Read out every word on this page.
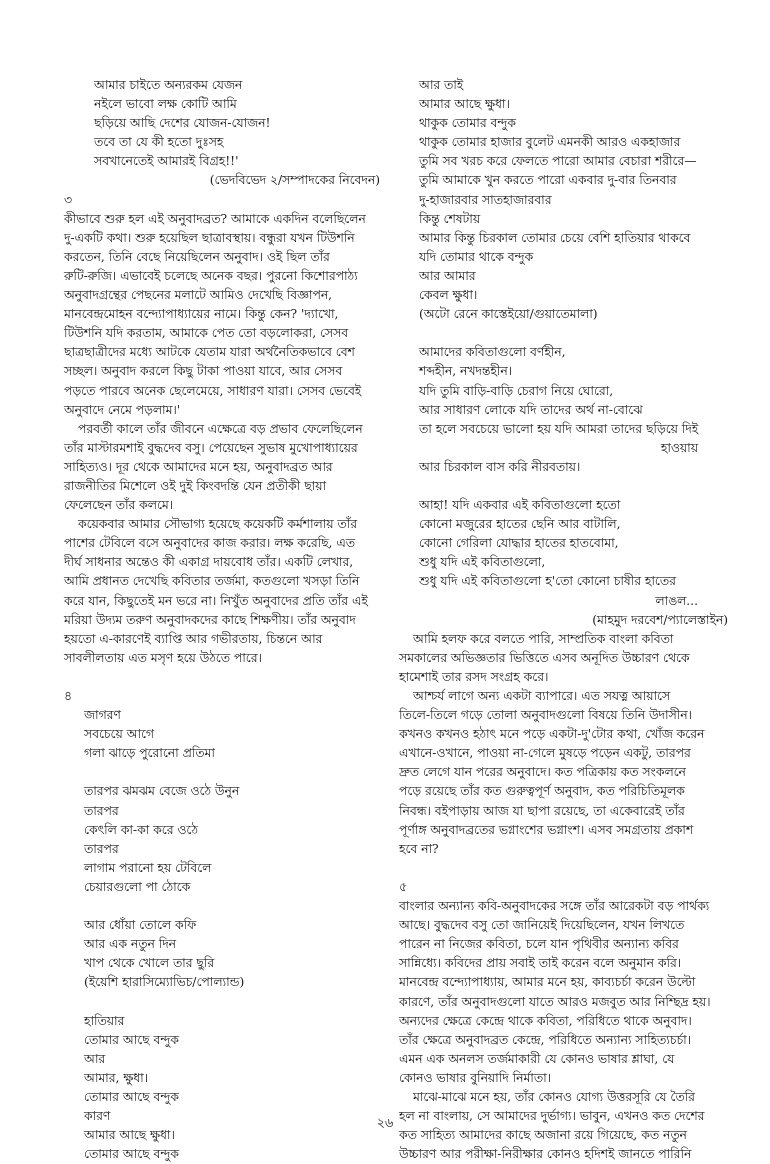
আমার চাইতে অন্যরকম যেজন
নইলে ভাবো লক্ষ কোটি আমি
ছড়িয়ে আছি দেশের যোজন-যোজন!
তবে তা যে কী হতো দুঃসহ
সবখানেতেই আমারই বিগ্রহ!!'
(ভেদবিভেদ ২/সম্পাদকের নিবেদন)
৩
কীভাবে শুরু হল এই অনুবাদব্রত? আমাকে একদিন বলেছিলেন
দু-একটি কথা। শুরু হয়েছিল ছাত্রাবস্থায়। বন্ধুরা যখন টিউশনি
করতেন, তিনি বেছে নিয়েছিলেন অনুবাদ। ওই ছিল তাঁর
রুটি-রুজি। এভাবেই চলেছে অনেক বছর। পুরনো কিশোরপাঠ্য
অনুবাদগ্রন্থের পেছনের মলাটে আমিও দেখেছি বিজ্ঞাপন,
মানবেন্দ্রমোহন বন্দ্যোপাধ্যায়ের নামে। কিন্তু কেন? 'দ্যাখো,
টিউশনি যদি করতাম, আমাকে পেত তো বড়লোকরা, সেসব
ছাত্রছাত্রীদের মধ্যে আটকে যেতাম যারা অর্থনৈতিকভাবে বেশ
সচ্ছল। অনুবাদ করলে কিছু টাকা পাওয়া যাবে, আর সেসব
পড়তে পারবে অনেক ছেলেমেয়ে, সাধারণ যারা। সেসব ভেবেই
অনুবাদে নেমে পড়লাম।'
পরবর্তী কালে তাঁর জীবনে এক্ষেত্রে বড় প্রভাব ফেলেছিলেন
তাঁর মাস্টারমশাই বুদ্ধদেব বসু। পেয়েছেন সুভাষ মুখোপাধ্যায়ের
সাহিত্যও। দূর থেকে আমাদের মনে হয়, অনুবাদব্রত আর
রাজনীতির মিশেলে ওই দুই কিংবদন্তি যেন প্রতীকী ছায়া
ফেলেছেন তাঁর কলমে।
কয়েকবার আমার সৌভাগ্য হয়েছে কয়েকটি কর্মশালায় তাঁর
পাশের টেবিলে বসে অনুবাদের কাজ করার। লক্ষ করেছি, এত
দীর্ঘ সাধনার অন্তেও কী একাগ্র দায়বোধ তাঁর। একটি লেখার,
আমি প্রধানত দেখেছি কবিতার তর্জমা, কতগুলো খসড়া তিনি
করে যান, কিছুতেই মন ভরে না। নিখুঁত অনুবাদের প্রতি তাঁর এই
মরিয়া উদ্যম তরুণ অনুবাদকদের কাছে শিক্ষণীয়। তাঁর অনুবাদ
হয়তো এ-কারণেই ব্যাপ্তি আর গভীরতায়, চিন্তনে আর
সাবলীলতায় এত মসৃণ হয়ে উঠতে পারে।
৪
জাগরণ
সবচেয়ে আগে
গলা ঝাড়ে পুরোনো প্রতিমা
তারপর ঝমঝম বেজে ওঠে উনুন
তারপর
কেৎলি কা-কা করে ওঠে
তারপর
লাগাম পরানো হয় টেবিলে
চেয়ারগুলো পা ঠোকে
আর ধোঁয়া তোলে কফি
আর এক নতুন দিন
খাপ থেকে খোলে তার ছুরি
(ইয়েশি হারাসিম্যোভিচ/পোল্যান্ড)
হাতিয়ার
তোমার আছে বন্দুক
আর
আমার, ক্ষুধা।
তোমার আছে বন্দুক
কারণ
আমার আছে ক্ষুধা।
তোমার আছে বন্দুক
আর তাই
আমার আছে ক্ষুধা।
থাকুক তোমার বন্দুক
থাকুক তোমার হাজার বুলেট এমনকী আরও একহাজার
তুমি সব খরচ করে ফেলতে পারো আমার বেচারা শরীরে—
তুমি আমাকে খুন করতে পারো একবার দু-বার তিনবার
দু-হাজারবার সাতহাজারবার
কিন্তু শেষটায়
আমার কিন্তু চিরকাল তোমার চেয়ে বেশি হাতিয়ার থাকবে
যদি তোমার থাকে বন্দুক
আর আমার
কেবল ক্ষুধা।
(অটো রেনে কাস্তেইয়ো/গুয়াতেমালা)
আমাদের কবিতাগুলো বর্ণহীন,
শব্দহীন, নখদন্তহীন।
যদি তুমি বাড়ি-বাড়ি চেরাগ নিয়ে ঘোরো,
আর সাধারণ লোকে যদি তাদের অর্থ না-বোঝে
তা হলে সবচেয়ে ভালো হয় যদি আমরা তাদের ছড়িয়ে দিই
হাওয়ায়
আর চিরকাল বাস করি নীরবতায়।
আহা! যদি একবার এই কবিতাগুলো হতো
কোনো মজুরের হাতের ছেনি আর বাটালি,
কোনো গেরিলা যোদ্ধার হাতের হাতবোমা,
শুধু যদি এই কবিতাগুলো,
শুধু যদি এই কবিতাগুলো হ'তো কোনো চাষীর হাতের
লাঙল...
(মাহমুদ দরবেশ/প্যালেস্তাইন)
আমি হলফ করে বলতে পারি, সাম্প্রতিক বাংলা কবিতা
সমকালের অভিজ্ঞতার ভিত্তিতে এসব অনূদিত উচ্চারণ থেকে
হামেশাই তার রসদ সংগ্রহ করে।
আশ্চর্য লাগে অন্য একটা ব্যাপারে। এত সযত্ন আয়াসে
তিলে-তিলে গড়ে তোলা অনুবাদগুলো বিষয়ে তিনি উদাসীন।
কখনও কখনও হঠাৎ মনে পড়ে একটা-দু'টোর কথা, খোঁজ করেন
এখানে-ওখানে, পাওয়া না-গেলে মুষড়ে পড়েন একটু, তারপর
দ্রুত লেগে যান পরের অনুবাদে। কত পত্রিকায় কত সংকলনে
পড়ে রয়েছে তাঁর কত গুরুত্বপূর্ণ অনুবাদ, কত পরিচিতিমূলক
নিবন্ধ। বইপাড়ায় আজ যা ছাপা রয়েছে, তা একেবারেই তাঁর
পূর্ণাঙ্গ অনুবাদব্রতের ভগ্নাংশের ভগ্নাংশ। এসব সমগ্রতায় প্রকাশ
হবে না?
৫
বাংলার অন্যান্য কবি-অনুবাদকের সঙ্গে তাঁর আরেকটা বড় পার্থক্য
আছে। বুদ্ধদেব বসু তো জানিয়েই দিয়েছিলেন, যখন লিখতে
পারেন না নিজের কবিতা, চলে যান পৃথিবীর অন্যান্য কবির
সান্নিধ্যে। কবিদের প্রায় সবাই তাই করেন বলে অনুমান করি।
মানবেন্দ্র বন্দ্যোপাধ্যায়, আমার মনে হয়, কাব্যচর্চা করেন উল্টো
কারণে, তাঁর অনুবাদগুলো যাতে আরও মজবুত আর নিশ্ছিদ্র হয়।
অন্যদের ক্ষেত্রে কেন্দ্রে থাকে কবিতা, পরিধিতে থাকে অনুবাদ।
তাঁর ক্ষেত্রে অনুবাদব্রত কেন্দ্রে, পরিধিতে অন্যান্য সাহিত্যচর্চা।
এমন এক অনলস তর্জমাকারী যে কোনও ভাষার শ্লাঘা, যে
কোনও ভাষার বুনিয়াদি নির্মাতা।
মাঝে-মাঝে মনে হয়, তাঁর কোনও যোগ্য উত্তরসূরি যে তৈরি
হল না বাংলায়, সে আমাদের দুর্ভাগ্য। ভাবুন, এখনও কত দেশের
কত সাহিত্য আমাদের কাছে অজানা রয়ে গিয়েছে, কত নতুন
উচ্চারণ আর পরীক্ষা-নিরীক্ষার কোনও হদিশই জানতে পারিনি
২৬
